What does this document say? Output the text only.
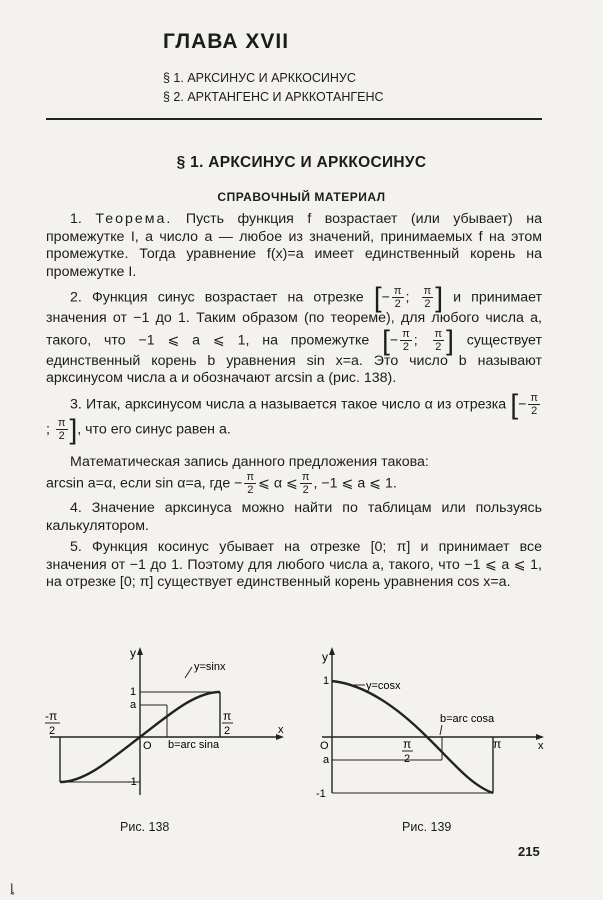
ГЛАВА XVII
§ 1. АРКСИНУС И АРККОСИНУС
§ 2. АРКТАНГЕНС И АРККОТАНГЕНС
§ 1. АРКСИНУС И АРККОСИНУС
СПРАВОЧНЫЙ МАТЕРИАЛ

1. Теорема. Пусть функция f возрастает (или убывает) на промежутке I, а число a — любое из значений, принимаемых f на этом промежутке. Тогда уравнение f(x)=a имеет единственный корень на промежутке I.

2. Функция синус возрастает на отрезке [− $\frac{\pi}{2}$ ; $\frac{\pi}{2}$ ] и принимает значения от −1 до 1. Таким образом (по теореме), для любого числа a, такого, что −1 ⩽ a ⩽ 1, на промежутке [− $\frac{\pi}{2}$ ; $\frac{\pi}{2}$ ] существует единственный корень b уравнения sin x=a. Это число b называют арксинусом числа a и обозначают arcsin a (рис. 138).

3. Итак, арксинусом числа a называется такое число α из отрезка [− $\frac{\pi}{2}$
; $\frac{\pi}{2}$ ], что его синус равен a.

Математическая запись данного предложения такова:
arcsin a=α, если sin α=a, где − $\frac{\pi}{2}$ ⩽ α ⩽ $\frac{\pi}{2}$ , −1 ⩽ a ⩽ 1.

4. Значение арксинуса можно найти по таблицам или пользуясь калькулятором.

5. Функция косинус убывает на отрезке [0; π] и принимает все значения от −1 до 1. Поэтому для любого числа a, такого, что −1 ⩽ a ⩽ 1, на отрезке [0; π] существует единственный корень уравнения cos x=a.

y
x
1
a
-1
O
y=sinx
b=arc sina
-π
2
π
2
Рис. 138
y
x
1
a
-1
O
y=cosx
b=arc cosa
π
2
π
Рис. 139
215
ȴ
